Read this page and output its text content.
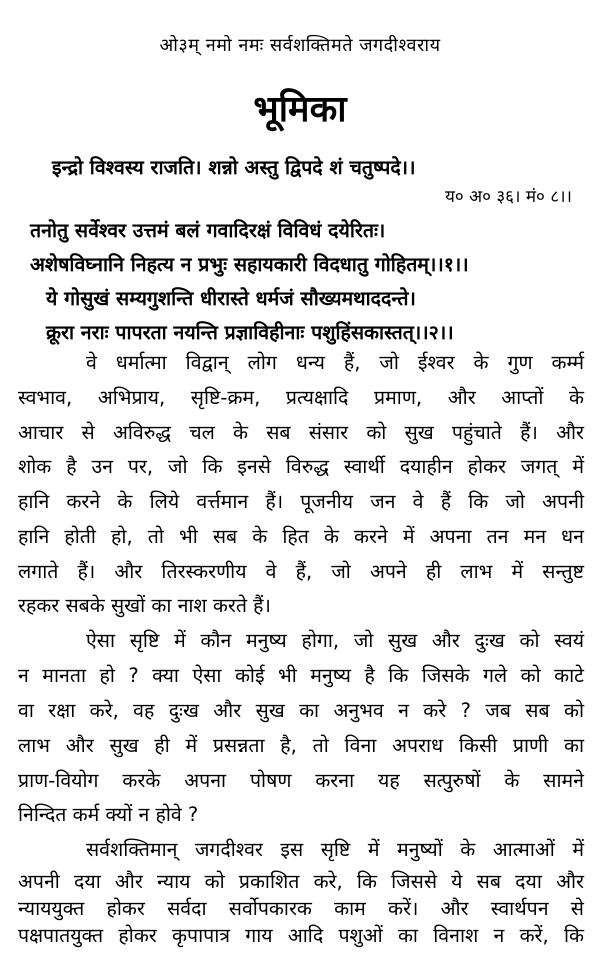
ओ३म् नमो नमः सर्वशक्तिमते जगदीश्वराय
भूमिका
इन्द्रो विश्वस्य राजति। शन्नो अस्तु द्विपदे शं चतुष्पदे।।
य० अ० ३६। मं० ८।।
तनोतु सर्वेश्वर उत्तमं बलं गवादिरक्षं विविधं दयेरितः।
अशेषविघ्नानि निहत्य न प्रभुः सहायकारी विदधातु गोहितम्।।१।।
ये गोसुखं सम्यगुशन्ति धीरास्ते धर्मजं सौख्यमथाददन्ते।
क्रूरा नराः पापरता नयन्ति प्रज्ञाविहीनाः पशुहिंसकास्तत्।।२।।
वे धर्मात्मा विद्वान् लोग धन्य हैं, जो ईश्वर के गुण कर्म्म
स्वभाव, अभिप्राय, सृष्टि-क्रम, प्रत्यक्षादि प्रमाण, और आप्तों के
आचार से अविरुद्ध चल के सब संसार को सुख पहुंचाते हैं। और
शोक है उन पर, जो कि इनसे विरुद्ध स्वार्थी दयाहीन होकर जगत् में
हानि करने के लिये वर्त्तमान हैं। पूजनीय जन वे हैं कि जो अपनी
हानि होती हो, तो भी सब के हित के करने में अपना तन मन धन
लगाते हैं। और तिरस्करणीय वे हैं, जो अपने ही लाभ में सन्तुष्ट
रहकर सबके सुखों का नाश करते हैं।
ऐसा सृष्टि में कौन मनुष्य होगा, जो सुख और दुःख को स्वयं
न मानता हो ? क्या ऐसा कोई भी मनुष्य है कि जिसके गले को काटे
वा रक्षा करे, वह दुःख और सुख का अनुभव न करे ? जब सब को
लाभ और सुख ही में प्रसन्नता है, तो विना अपराध किसी प्राणी का
प्राण-वियोग करके अपना पोषण करना यह सत्पुरुषों के सामने
निन्दित कर्म क्यों न होवे ?
सर्वशक्तिमान् जगदीश्वर इस सृष्टि में मनुष्यों के आत्माओं में
अपनी दया और न्याय को प्रकाशित करे, कि जिससे ये सब दया और
न्याययुक्त होकर सर्वदा सर्वोपकारक काम करें। और स्वार्थपन से
पक्षपातयुक्त होकर कृपापात्र गाय आदि पशुओं का विनाश न करें, कि
